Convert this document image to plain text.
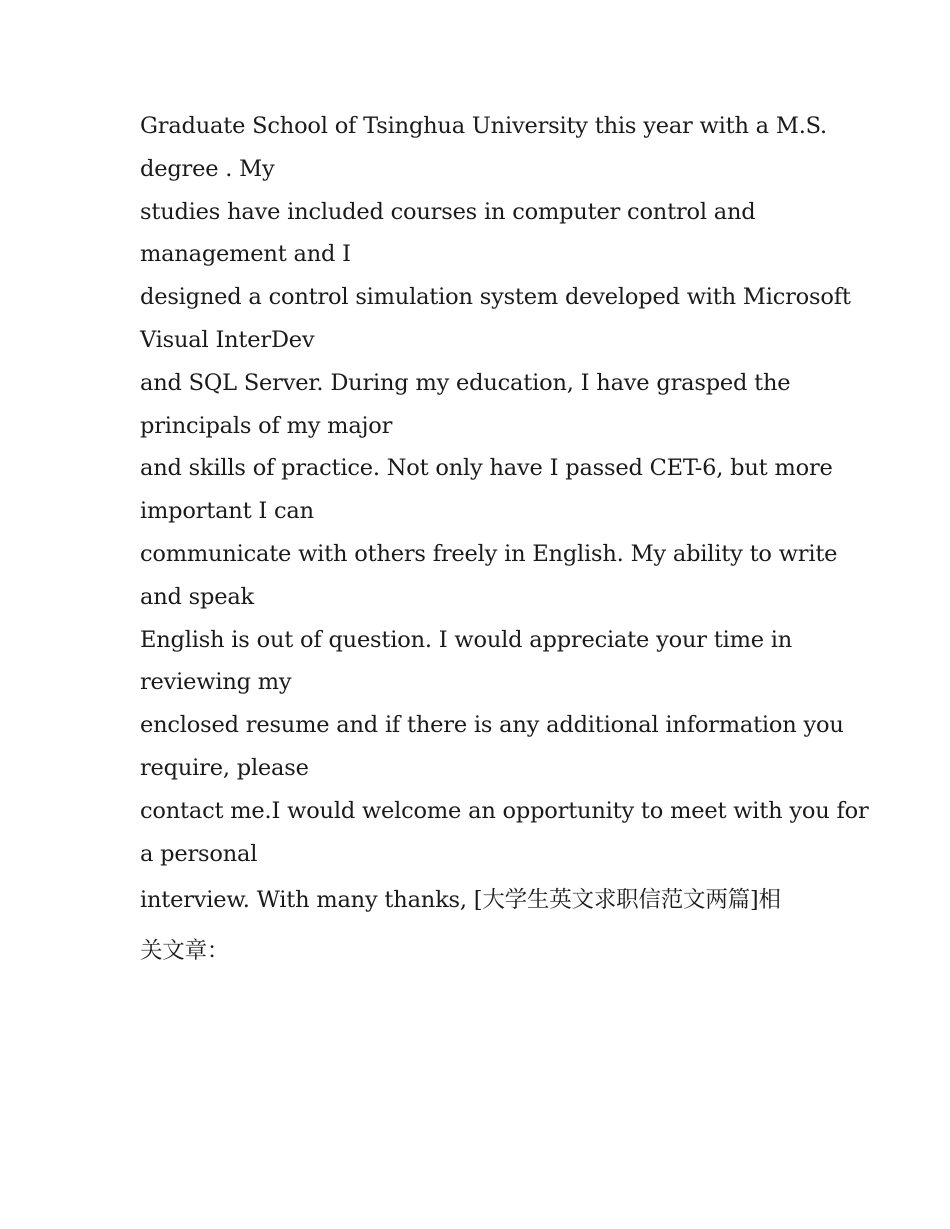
Graduate School of Tsinghua University this year with a M.S.
degree . My
studies have included courses in computer control and
management and I
designed a control simulation system developed with Microsoft
Visual InterDev
and SQL Server. During my education, I have grasped the
principals of my major
and skills of practice. Not only have I passed CET-6, but more
important I can
communicate with others freely in English. My ability to write
and speak
English is out of question. I would appreciate your time in
reviewing my
enclosed resume and if there is any additional information you
require, please
contact me.I would welcome an opportunity to meet with you for
a personal
interview. With many thanks, [大学生英文求职信范文两篇]相
关文章：
